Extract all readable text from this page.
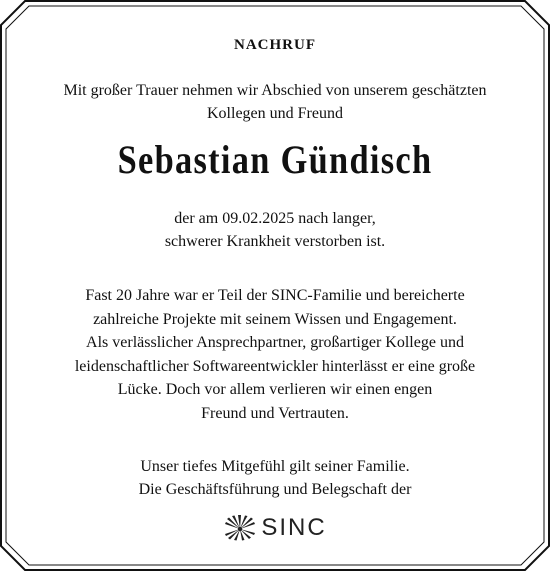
NACHRUF
Mit großer Trauer nehmen wir Abschied von unserem geschätzten
Kollegen und Freund
Sebastian Gündisch
der am 09.02.2025 nach langer,
schwerer Krankheit verstorben ist.
Fast 20 Jahre war er Teil der SINC-Familie und bereicherte
zahlreiche Projekte mit seinem Wissen und Engagement.
Als verlässlicher Ansprechpartner, großartiger Kollege und
leidenschaftlicher Softwareentwickler hinterlässt er eine große
Lücke. Doch vor allem verlieren wir einen engen
Freund und Vertrauten.
Unser tiefes Mitgefühl gilt seiner Familie.
Die Geschäftsführung und Belegschaft der
SINC
